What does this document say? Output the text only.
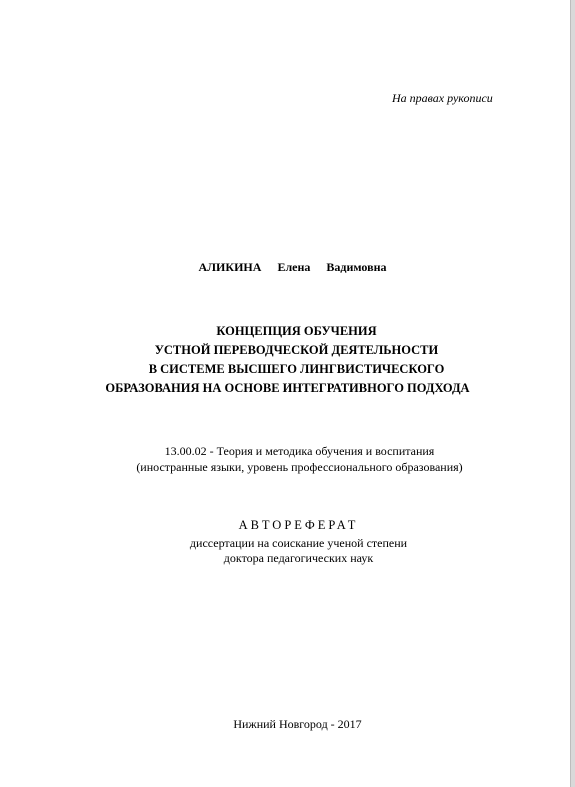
На правах рукописи
АЛИКИНА Елена Вадимовна
КОНЦЕПЦИЯ ОБУЧЕНИЯ
УСТНОЙ ПЕРЕВОДЧЕСКОЙ ДЕЯТЕЛЬНОСТИ
В СИСТЕМЕ ВЫСШЕГО ЛИНГВИСТИЧЕСКОГО
ОБРАЗОВАНИЯ НА ОСНОВЕ ИНТЕГРАТИВНОГО ПОДХОДА
13.00.02 - Теория и методика обучения и воспитания
(иностранные языки, уровень профессионального образования)
АВТОРЕФЕРАТ
диссертации на соискание ученой степени
доктора педагогических наук
Нижний Новгород - 2017
